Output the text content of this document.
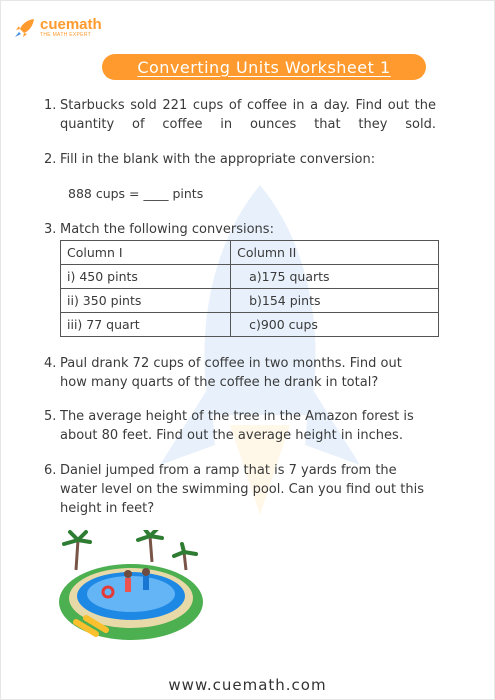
cuemath
THE MATH EXPERT
Converting Units Worksheet 1
1. Starbucks sold 221 cups of coffee in a day. Find out the
quantity of coffee in ounces that they sold.
2. Fill in the blank with the appropriate conversion:
888 cups = ____ pints
3. Match the following conversions:
Column I	Column II
i) 450 pints	a)175 quarts
ii) 350 pints	b)154 pints
iii) 77 quart	c)900 cups
4. Paul drank 72 cups of coffee in two months. Find out
how many quarts of the coffee he drank in total?
5. The average height of the tree in the Amazon forest is
about 80 feet. Find out the average height in inches.
6. Daniel jumped from a ramp that is 7 yards from the
water level on the swimming pool. Can you find out this
height in feet?
www.cuemath.com
